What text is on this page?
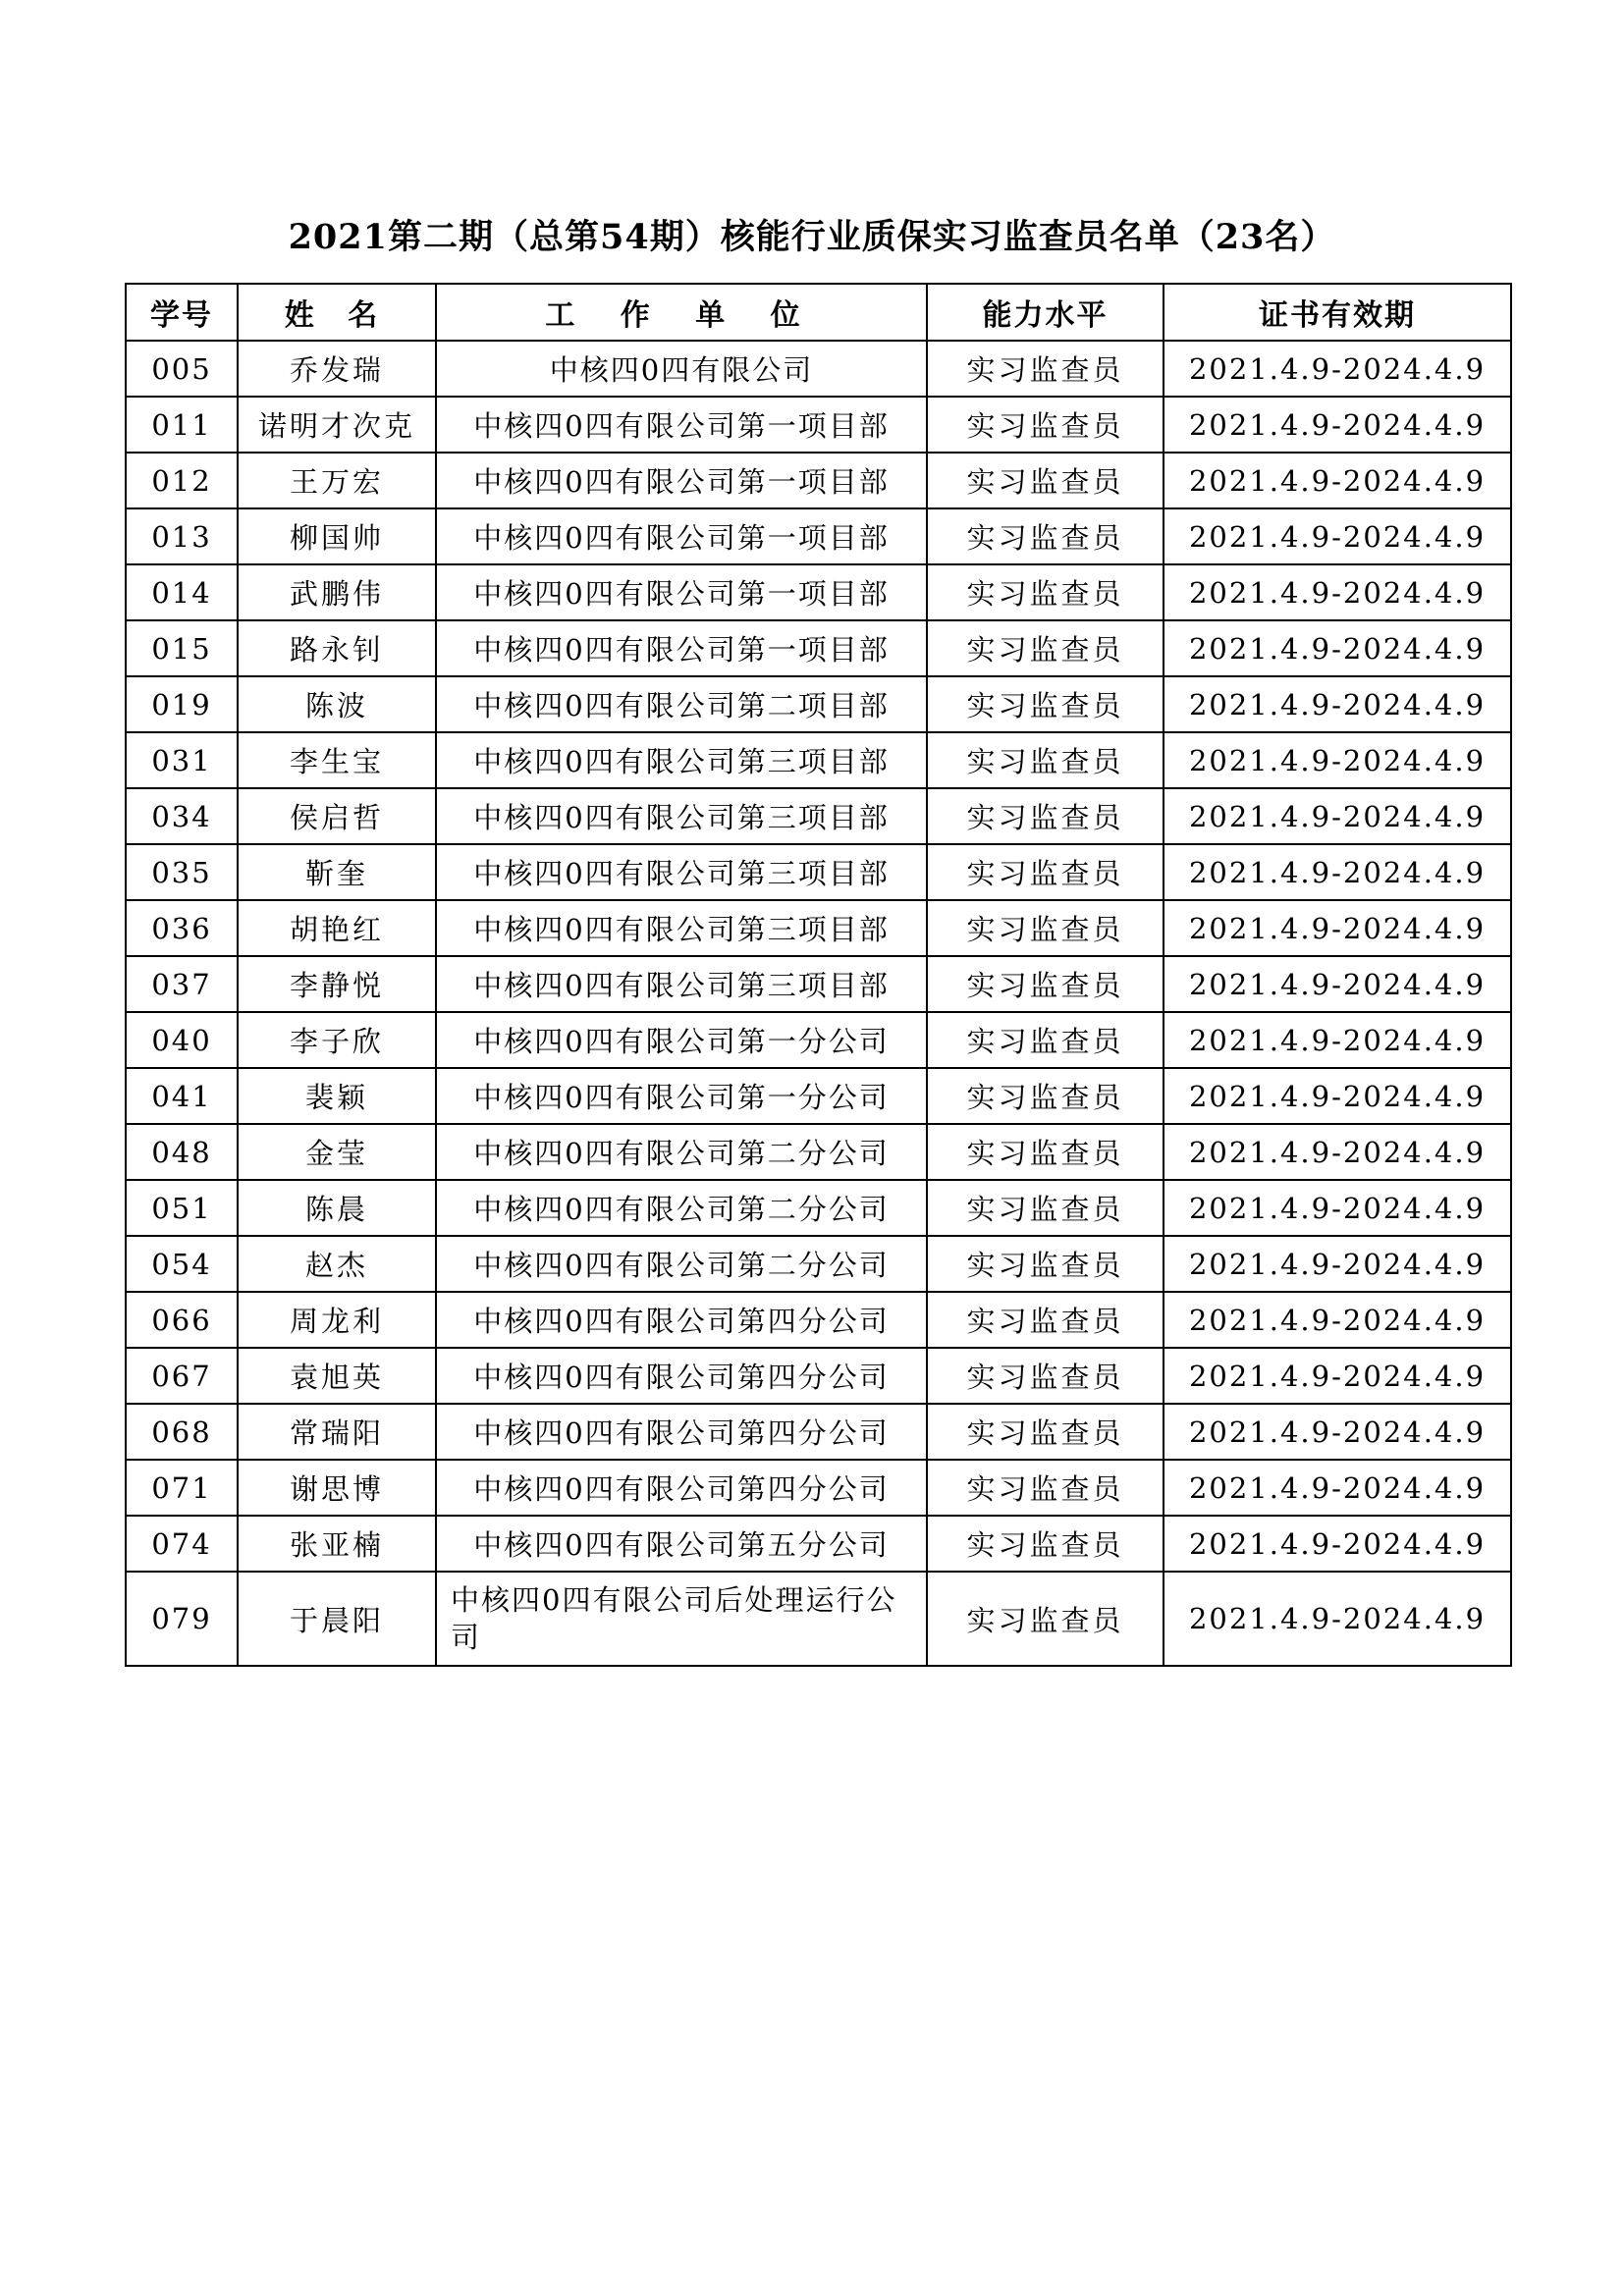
2021第二期（总第54期）核能行业质保实习监查员名单（23名）
学号	姓 名	工 作 单 位	能力水平	证书有效期
005	乔发瑞	中核四0四有限公司	实习监查员	2021.4.9-2024.4.9
011	诺明才次克	中核四0四有限公司第一项目部	实习监查员	2021.4.9-2024.4.9
012	王万宏	中核四0四有限公司第一项目部	实习监查员	2021.4.9-2024.4.9
013	柳国帅	中核四0四有限公司第一项目部	实习监查员	2021.4.9-2024.4.9
014	武鹏伟	中核四0四有限公司第一项目部	实习监查员	2021.4.9-2024.4.9
015	路永钊	中核四0四有限公司第一项目部	实习监查员	2021.4.9-2024.4.9
019	陈波	中核四0四有限公司第二项目部	实习监查员	2021.4.9-2024.4.9
031	李生宝	中核四0四有限公司第三项目部	实习监查员	2021.4.9-2024.4.9
034	侯启哲	中核四0四有限公司第三项目部	实习监查员	2021.4.9-2024.4.9
035	靳奎	中核四0四有限公司第三项目部	实习监查员	2021.4.9-2024.4.9
036	胡艳红	中核四0四有限公司第三项目部	实习监查员	2021.4.9-2024.4.9
037	李静悦	中核四0四有限公司第三项目部	实习监查员	2021.4.9-2024.4.9
040	李子欣	中核四0四有限公司第一分公司	实习监查员	2021.4.9-2024.4.9
041	裴颖	中核四0四有限公司第一分公司	实习监查员	2021.4.9-2024.4.9
048	金莹	中核四0四有限公司第二分公司	实习监查员	2021.4.9-2024.4.9
051	陈晨	中核四0四有限公司第二分公司	实习监查员	2021.4.9-2024.4.9
054	赵杰	中核四0四有限公司第二分公司	实习监查员	2021.4.9-2024.4.9
066	周龙利	中核四0四有限公司第四分公司	实习监查员	2021.4.9-2024.4.9
067	袁旭英	中核四0四有限公司第四分公司	实习监查员	2021.4.9-2024.4.9
068	常瑞阳	中核四0四有限公司第四分公司	实习监查员	2021.4.9-2024.4.9
071	谢思博	中核四0四有限公司第四分公司	实习监查员	2021.4.9-2024.4.9
074	张亚楠	中核四0四有限公司第五分公司	实习监查员	2021.4.9-2024.4.9
079	于晨阳	中核四0四有限公司后处理运行公司	实习监查员	2021.4.9-2024.4.9
